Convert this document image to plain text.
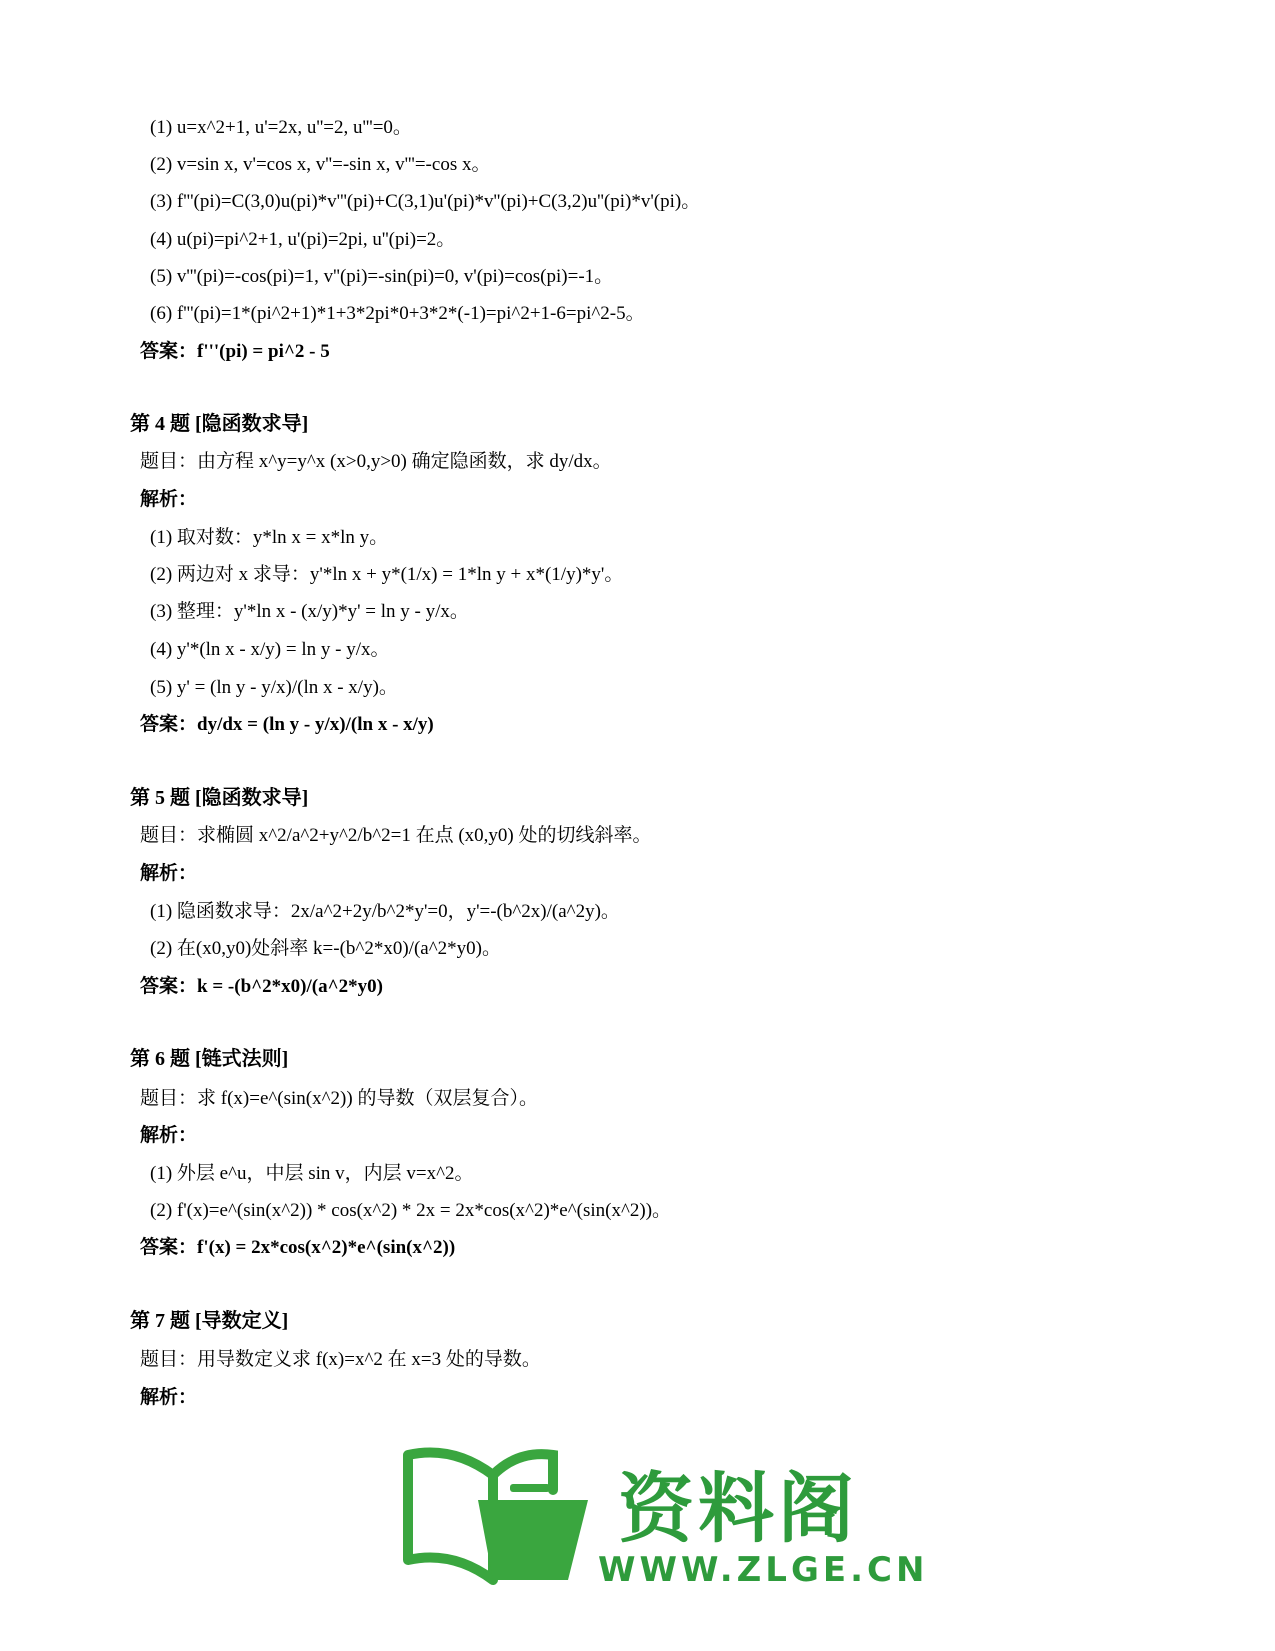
(1) u=x^2+1, u'=2x, u''=2, u'''=0。
(2) v=sin x, v'=cos x, v''=-sin x, v'''=-cos x。
(3) f'''(pi)=C(3,0)u(pi)*v'''(pi)+C(3,1)u'(pi)*v''(pi)+C(3,2)u''(pi)*v'(pi)。
(4) u(pi)=pi^2+1, u'(pi)=2pi, u''(pi)=2。
(5) v'''(pi)=-cos(pi)=1, v''(pi)=-sin(pi)=0, v'(pi)=cos(pi)=-1。
(6) f'''(pi)=1*(pi^2+1)*1+3*2pi*0+3*2*(-1)=pi^2+1-6=pi^2-5。
答案：f'''(pi) = pi^2 - 5
第 4 题 [隐函数求导]
题目：由方程 x^y=y^x (x>0,y>0) 确定隐函数，求 dy/dx。
解析：
(1) 取对数：y*ln x = x*ln y。
(2) 两边对 x 求导：y'*ln x + y*(1/x) = 1*ln y + x*(1/y)*y'。
(3) 整理：y'*ln x - (x/y)*y' = ln y - y/x。
(4) y'*(ln x - x/y) = ln y - y/x。
(5) y' = (ln y - y/x)/(ln x - x/y)。
答案：dy/dx = (ln y - y/x)/(ln x - x/y)
第 5 题 [隐函数求导]
题目：求椭圆 x^2/a^2+y^2/b^2=1 在点 (x0,y0) 处的切线斜率。
解析：
(1) 隐函数求导：2x/a^2+2y/b^2*y'=0，y'=-(b^2x)/(a^2y)。
(2) 在(x0,y0)处斜率 k=-(b^2*x0)/(a^2*y0)。
答案：k = -(b^2*x0)/(a^2*y0)
第 6 题 [链式法则]
题目：求 f(x)=e^(sin(x^2)) 的导数（双层复合）。
解析：
(1) 外层 e^u，中层 sin v，内层 v=x^2。
(2) f'(x)=e^(sin(x^2)) * cos(x^2) * 2x = 2x*cos(x^2)*e^(sin(x^2))。
答案：f'(x) = 2x*cos(x^2)*e^(sin(x^2))
第 7 题 [导数定义]
题目：用导数定义求 f(x)=x^2 在 x=3 处的导数。
解析：
资料阁
WWW.ZLGE.CN
